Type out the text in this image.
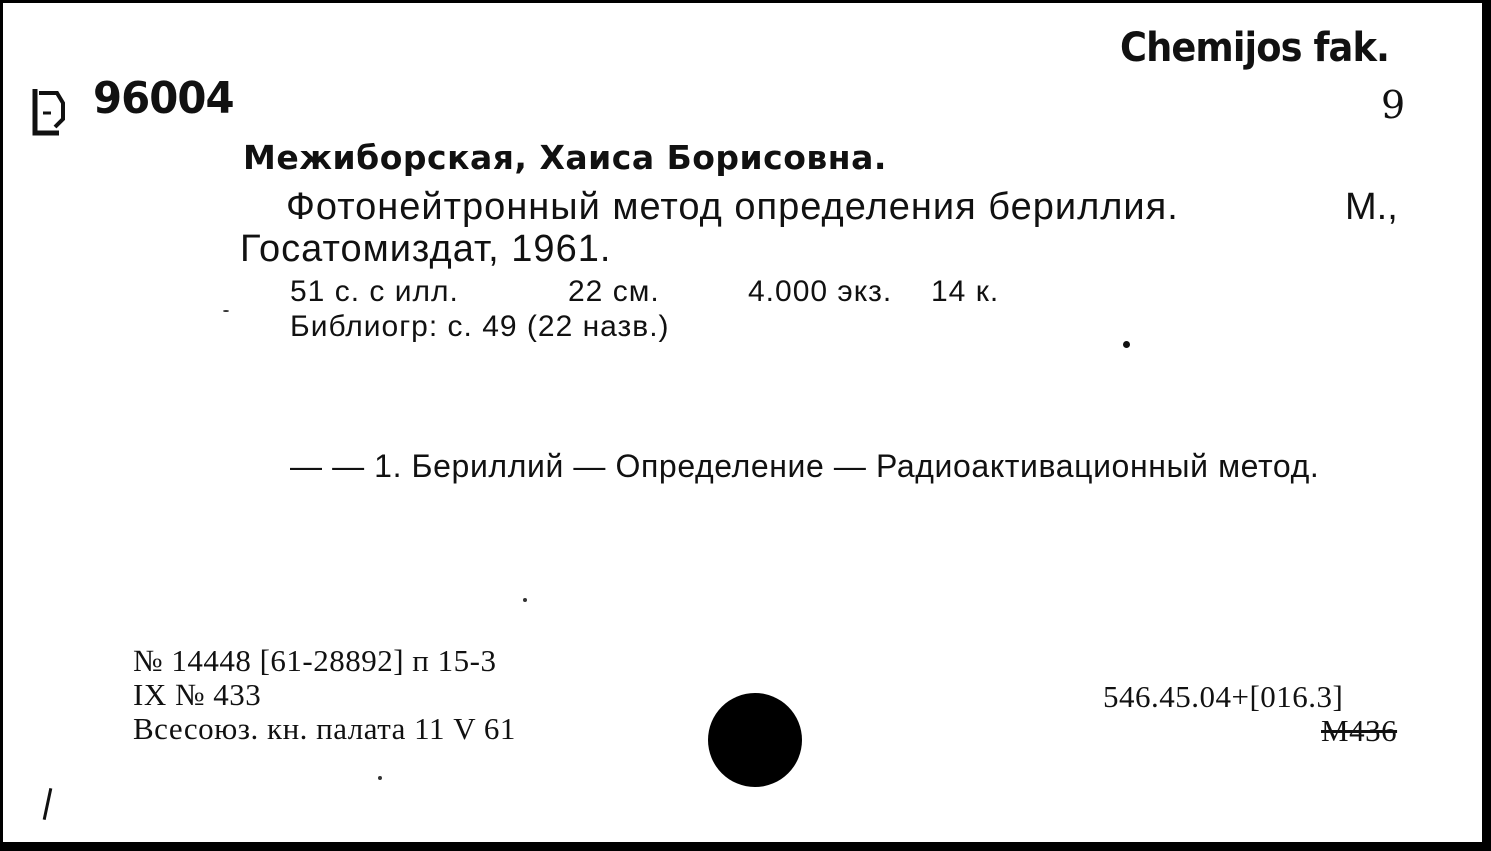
Chemijos fak.
9
96004
Межиборская, Хаиса Борисовна.
Фотонейтронный метод определения бериллия.	М.,
Госатомиздат, 1961.
51 с. с илл.	22 см.	4.000 экз. 14 к.
Библиогр: с. 49 (22 назв.)
— — 1. Бериллий — Определение — Радиоактивационный метод.
№ 14448 [61-28892] п 15-3
IX № 433
Всесоюз. кн. палата 11 V 61
546.45.04+[016.3]
М436
